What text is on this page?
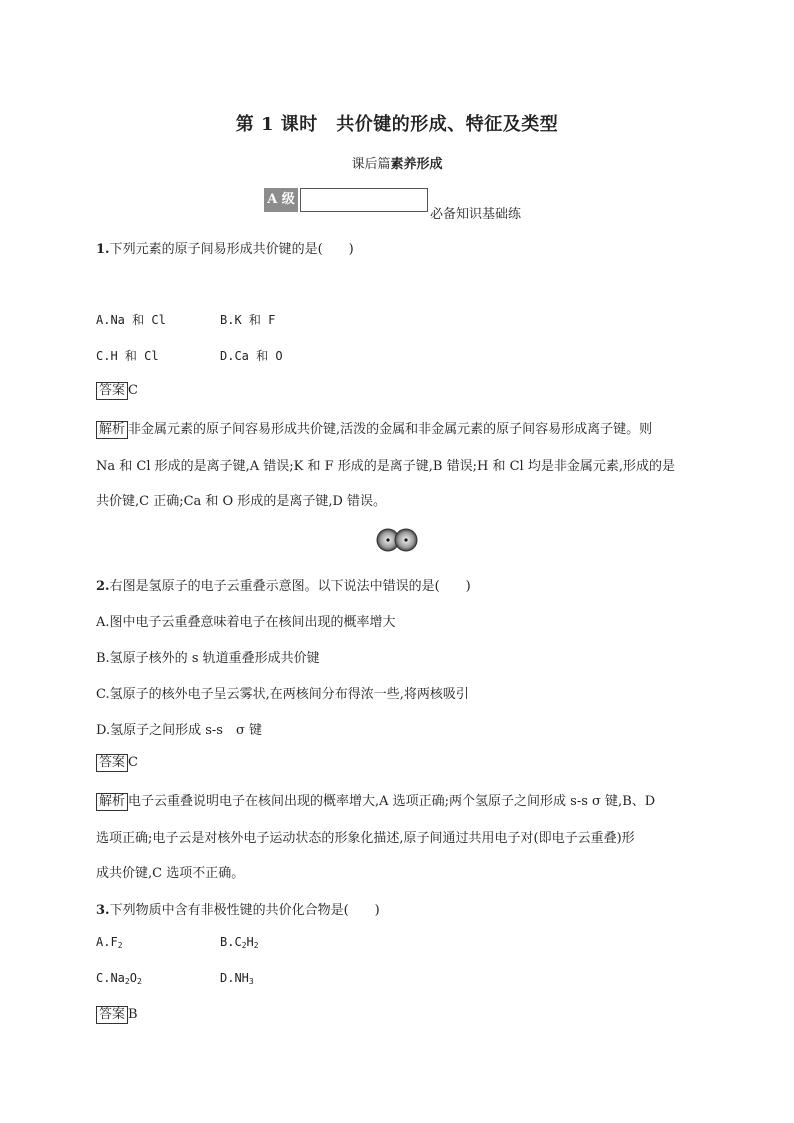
第 1 课时　共价键的形成、特征及类型
课后篇素养形成
A 级
必备知识基础练
1.下列元素的原子间易形成共价键的是(　　)
A.Na 和 Cl	B.K 和 F
C.H 和 Cl	D.Ca 和 O
答案 C
解析 非金属元素的原子间容易形成共价键,活泼的金属和非金属元素的原子间容易形成离子键。则
Na 和 Cl 形成的是离子键,A 错误;K 和 F 形成的是离子键,B 错误;H 和 Cl 均是非金属元素,形成的是
共价键,C 正确;Ca 和 O 形成的是离子键,D 错误。
2.右图是氢原子的电子云重叠示意图。以下说法中错误的是(　　)
A.图中电子云重叠意味着电子在核间出现的概率增大
B.氢原子核外的 s 轨道重叠形成共价键
C.氢原子的核外电子呈云雾状,在两核间分布得浓一些,将两核吸引
D.氢原子之间形成 s-s　σ 键
答案 C
解析 电子云重叠说明电子在核间出现的概率增大,A 选项正确;两个氢原子之间形成 s-s σ 键,B、D
选项正确;电子云是对核外电子运动状态的形象化描述,原子间通过共用电子对(即电子云重叠)形
成共价键,C 选项不正确。
3.下列物质中含有非极性键的共价化合物是(　　)
$A.F_2$	$B.C_2H_2$
$C.Na_2O_2$	$D.NH_3$
答案 B
